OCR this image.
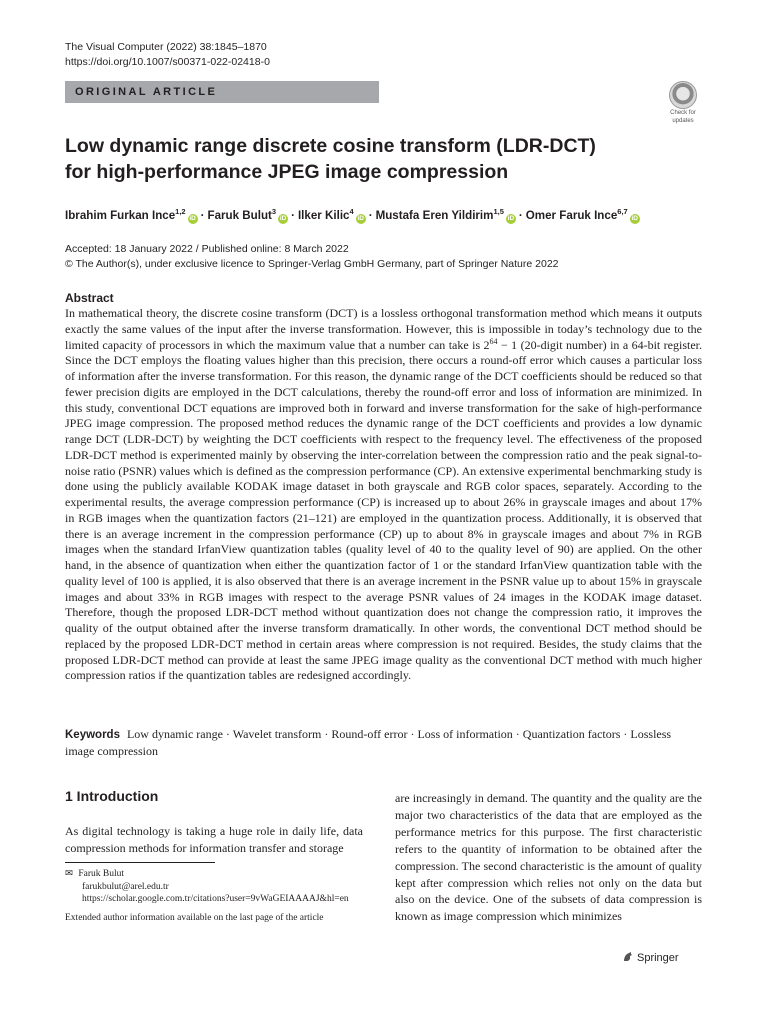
The Visual Computer (2022) 38:1845–1870
https://doi.org/10.1007/s00371-022-02418-0
ORIGINAL ARTICLE
Check for
updates
Low dynamic range discrete cosine transform (LDR-DCT)
for high-performance JPEG image compression
Ibrahim Furkan Ince$^{1,2}$iD · Faruk Bulut$^3$iD · Ilker Kilic$^4$iD · Mustafa Eren Yildirim$^{1,5}$iD · Omer Faruk Ince$^{6,7}$iD
Accepted: 18 January 2022 / Published online: 8 March 2022
© The Author(s), under exclusive licence to Springer-Verlag GmbH Germany, part of Springer Nature 2022
Abstract

In mathematical theory, the discrete cosine transform (DCT) is a lossless orthogonal transformation method which means it outputs exactly the same values of the input after the inverse transformation. However, this is impossible in today’s technology due to the limited capacity of processors in which the maximum value that a number can take is $2^{64} - 1$ (20-digit number) in a 64-bit register. Since the DCT employs the floating values higher than this precision, there occurs a round-off error which causes a particular loss of information after the inverse transformation. For this reason, the dynamic range of the DCT coefficients should be reduced so that fewer precision digits are employed in the DCT calculations, thereby the round-off error and loss of information are minimized. In this study, conventional DCT equations are improved both in forward and inverse transformation for the sake of high-performance JPEG image compression. The proposed method reduces the dynamic range of the DCT coefficients and provides a low dynamic range DCT (LDR-DCT) by weighting the DCT coefficients with respect to the frequency level. The effectiveness of the proposed LDR-DCT method is experimented mainly by observing the inter-correlation between the compression ratio and the peak signal-to-noise ratio (PSNR) values which is defined as the compression performance (CP). An extensive experimental benchmarking study is done using the publicly available KODAK image dataset in both grayscale and RGB color spaces, separately. According to the experimental results, the average compression performance (CP) is increased up to about 26% in grayscale images and about 17% in RGB images when the quantization factors (21–121) are employed in the quantization process. Additionally, it is observed that there is an average increment in the compression performance (CP) up to about 8% in grayscale images and about 7% in RGB images when the standard IrfanView quantization tables (quality level of 40 to the quality level of 90) are applied. On the other hand, in the absence of quantization when either the quantization factor of 1 or the standard IrfanView quantization table with the quality level of 100 is applied, it is also observed that there is an average increment in the PSNR value up to about 15% in grayscale images and about 33% in RGB images with respect to the average PSNR values of 24 images in the KODAK image dataset. Therefore, though the proposed LDR-DCT method without quantization does not change the compression ratio, it improves the quality of the output obtained after the inverse transform dramatically. In other words, the conventional DCT method should be replaced by the proposed LDR-DCT method in certain areas where compression is not required. Besides, the study claims that the proposed LDR-DCT method can provide at least the same JPEG image quality as the conventional DCT method with much higher compression ratios if the quantization tables are redesigned accordingly.

Keywords Low dynamic range · Wavelet transform · Round-off error · Loss of information · Quantization factors · Lossless image compression
1 Introduction

As digital technology is taking a huge role in daily life, data compression methods for information transfer and storage

are increasingly in demand. The quantity and the quality are the major two characteristics of the data that are employed as the performance metrics for this purpose. The first characteristic refers to the quantity of information to be obtained after the compression. The second characteristic is the amount of quality kept after compression which relies not only on the data but also on the device. One of the subsets of data compression is known as image compression which minimizes

✉ Faruk Bulut
farukbulut@arel.edu.tr
https://scholar.google.com.tr/citations?user=9vWaGEIAAAAJ&hl=en
Extended author information available on the last page of the article
Springer
